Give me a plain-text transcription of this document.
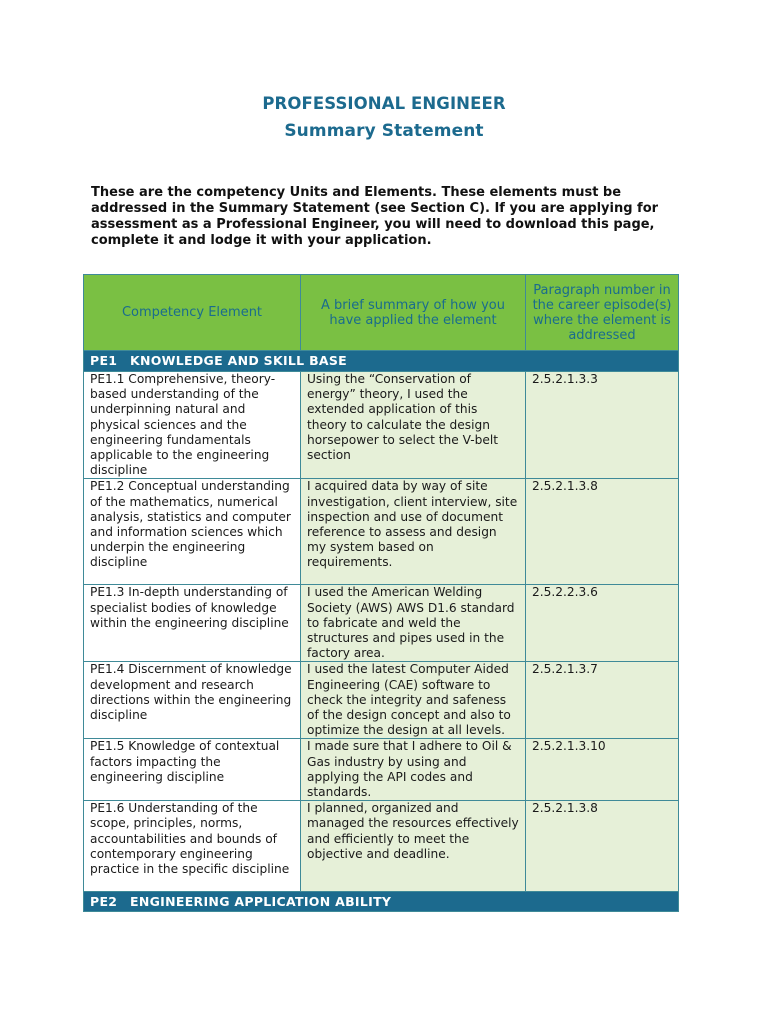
PROFESSIONAL ENGINEER
Summary Statement
These are the competency Units and Elements. These elements must be addressed in the Summary Statement (see Section C). If you are applying for assessment as a Professional Engineer, you will need to download this page, complete it and lodge it with your application.
Competency Element	A brief summary of how you have applied the element	Paragraph number in the career episode(s) where the element is addressed
PE1 KNOWLEDGE AND SKILL BASE		
PE1.1 Comprehensive, theory-based understanding of the underpinning natural and physical sciences and the engineering fundamentals applicable to the engineering discipline	Using the “Conservation of energy” theory, I used the extended application of this theory to calculate the design horsepower to select the V-belt section	2.5.2.1.3.3
PE1.2 Conceptual understanding of the mathematics, numerical analysis, statistics and computer and information sciences which underpin the engineering discipline	I acquired data by way of site investigation, client interview, site inspection and use of document reference to assess and design my system based on requirements.	2.5.2.1.3.8
PE1.3 In-depth understanding of specialist bodies of knowledge within the engineering discipline	I used the American Welding Society (AWS) AWS D1.6 standard to fabricate and weld the structures and pipes used in the factory area.	2.5.2.2.3.6
PE1.4 Discernment of knowledge development and research directions within the engineering discipline	I used the latest Computer Aided Engineering (CAE) software to check the integrity and safeness of the design concept and also to optimize the design at all levels.	2.5.2.1.3.7
PE1.5 Knowledge of contextual factors impacting the engineering discipline	I made sure that I adhere to Oil & Gas industry by using and applying the API codes and standards.	2.5.2.1.3.10
PE1.6 Understanding of the scope, principles, norms, accountabilities and bounds of contemporary engineering practice in the specific discipline	I planned, organized and managed the resources effectively and efficiently to meet the objective and deadline.	2.5.2.1.3.8
PE2 ENGINEERING APPLICATION ABILITY		
